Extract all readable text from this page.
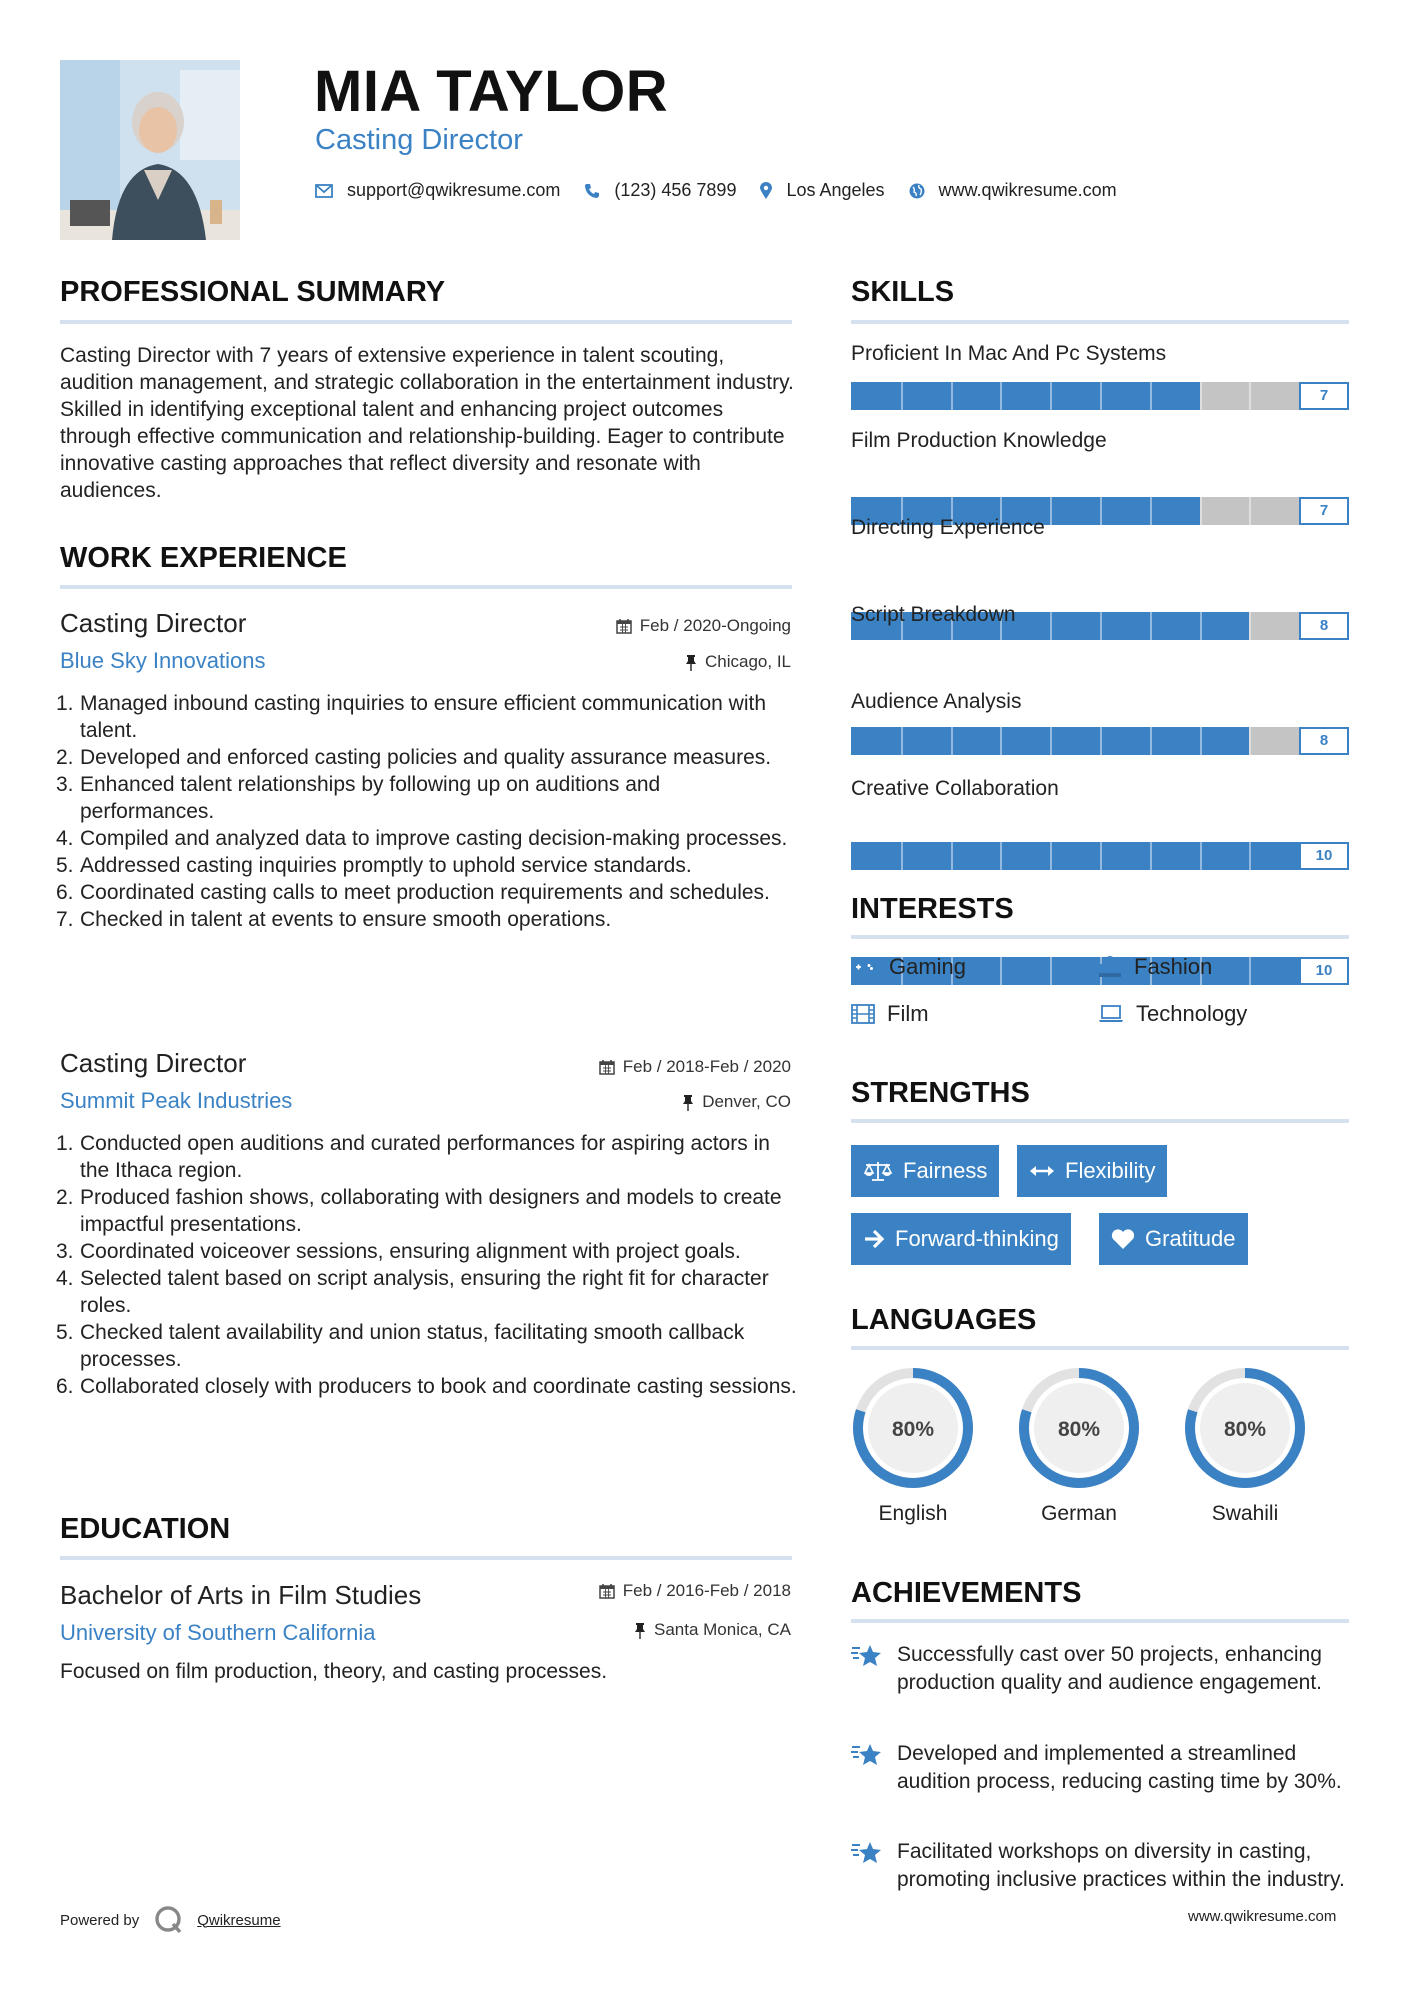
MIA TAYLOR
Casting Director
support@qwikresume.com	(123) 456 7899	Los Angeles	www.qwikresume.com
PROFESSIONAL SUMMARY
Casting Director with 7 years of extensive experience in talent scouting, audition management, and strategic collaboration in the entertainment industry. Skilled in identifying exceptional talent and enhancing project outcomes through effective communication and relationship-building. Eager to contribute innovative casting approaches that reflect diversity and resonate with audiences.
WORK EXPERIENCE
Casting Director	Feb / 2020-Ongoing
Blue Sky Innovations	Chicago, IL
1. Managed inbound casting inquiries to ensure efficient communication with talent.
2. Developed and enforced casting policies and quality assurance measures.
3. Enhanced talent relationships by following up on auditions and performances.
4. Compiled and analyzed data to improve casting decision-making processes.
5. Addressed casting inquiries promptly to uphold service standards.
6. Coordinated casting calls to meet production requirements and schedules.
7. Checked in talent at events to ensure smooth operations.
Casting Director	Feb / 2018-Feb / 2020
Summit Peak Industries	Denver, CO
1. Conducted open auditions and curated performances for aspiring actors in the Ithaca region.
2. Produced fashion shows, collaborating with designers and models to create impactful presentations.
3. Coordinated voiceover sessions, ensuring alignment with project goals.
4. Selected talent based on script analysis, ensuring the right fit for character roles.
5. Checked talent availability and union status, facilitating smooth callback processes.
6. Collaborated closely with producers to book and coordinate casting sessions.
EDUCATION
Bachelor of Arts in Film Studies	Feb / 2016-Feb / 2018
University of Southern California	Santa Monica, CA
Focused on film production, theory, and casting processes.
SKILLS
Proficient In Mac And Pc Systems
7
Film Production Knowledge
7
Directing Experience
8
Script Breakdown
8
Audience Analysis
10
Creative Collaboration
10
INTERESTS
Gaming	Fashion
Film	Technology
STRENGTHS
Fairness	Flexibility
Forward-thinking	Gratitude
LANGUAGES
80%
English
80%
German
80%
Swahili
ACHIEVEMENTS
Successfully cast over 50 projects, enhancing production quality and audience engagement.
Developed and implemented a streamlined audition process, reducing casting time by 30%.
Facilitated workshops on diversity in casting, promoting inclusive practices within the industry.
Powered by	Qwikresume	www.qwikresume.com
